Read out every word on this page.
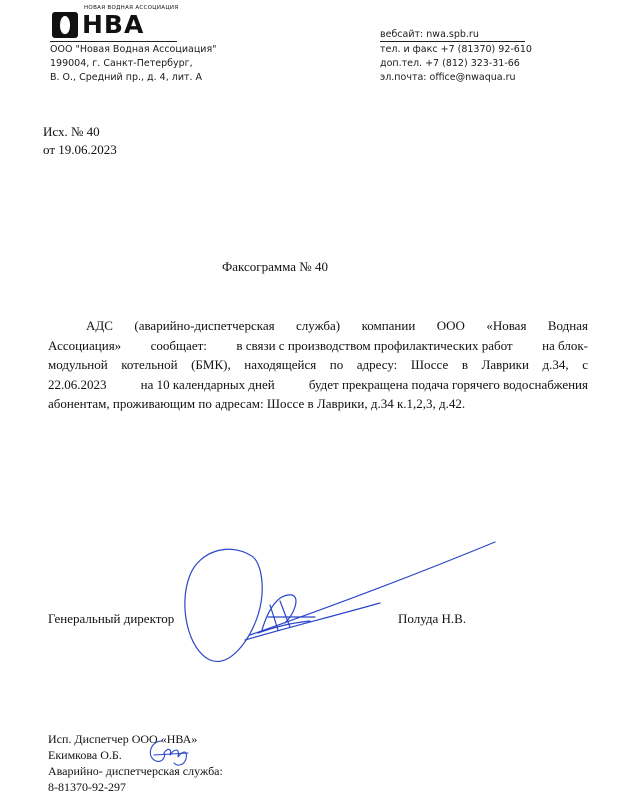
НОВАЯ ВОДНАЯ АССОЦИАЦИЯ
НВА
ООО "Новая Водная Ассоциация"
199004, г. Санкт-Петербург,
В. О., Средний пр., д. 4, лит. А
вебсайт: nwa.spb.ru
тел. и факс +7 (81370) 92-610
доп.тел. +7 (812) 323-31-66
эл.почта: office@nwaqua.ru
Исх. № 40
от 19.06.2023
Факсограмма № 40
АДС (аварийно-диспетчерская служба) компании ООО «Новая Водная
Ассоциация» сообщает: в связи с производством профилактических работ на блок-
модульной котельной (БМК), находящейся по адресу: Шоссе в Лаврики д.34, с
22.06.2023	на 10 календарных дней	будет прекращена подача горячего водоснабжения
абонентам, проживающим по адресам: Шоссе в Лаврики, д.34 к.1,2,3, д.42.
Генеральный директор	Полуда Н.В.
Исп. Диспетчер ООО «НВА»
Екимкова О.Б.
Аварийно- диспетчерская служба:
8-81370-92-297
